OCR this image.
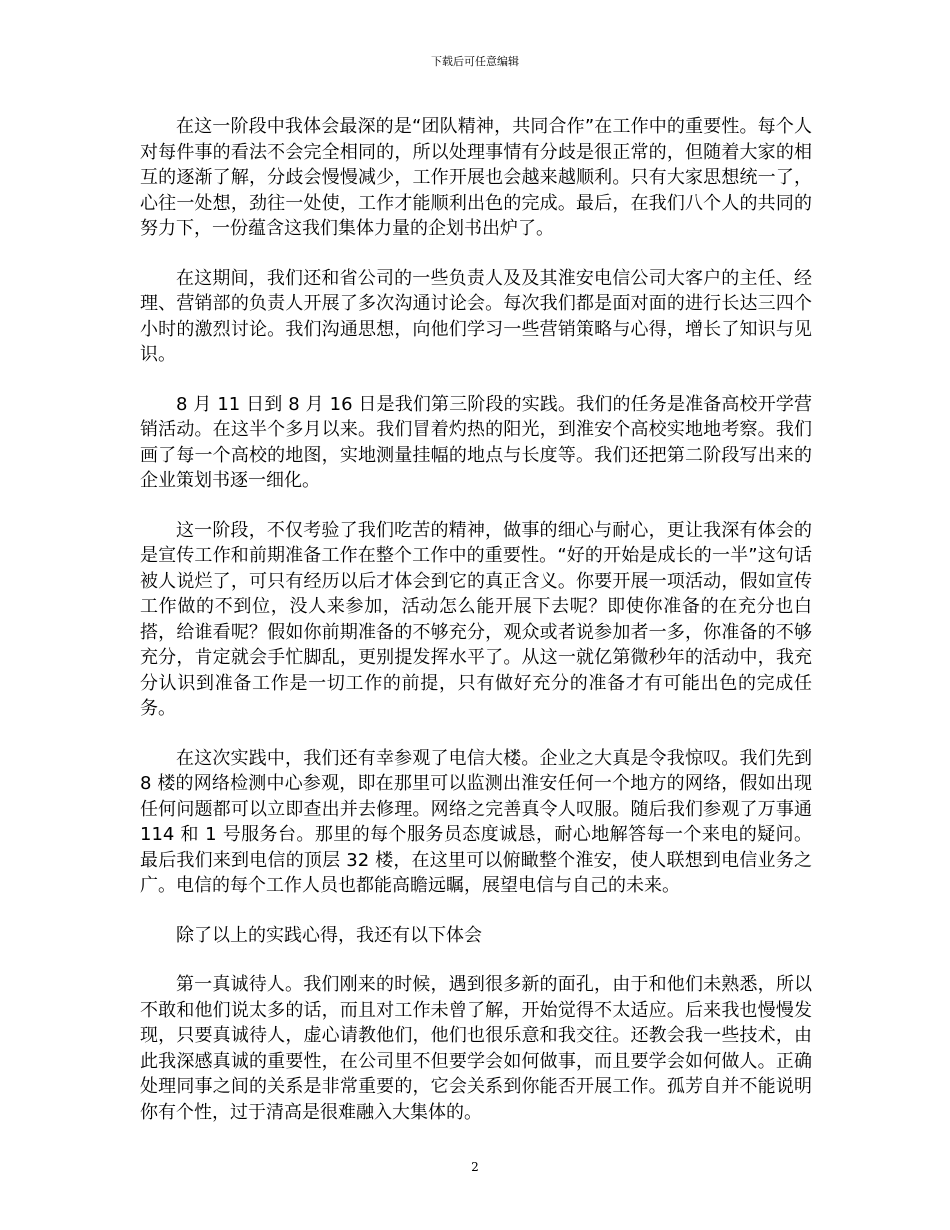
下载后可任意编辑

在这一阶段中我体会最深的是“团队精神，共同合作”在工作中的重要性。每个人对每件事的看法不会完全相同的，所以处理事情有分歧是很正常的，但随着大家的相互的逐渐了解，分歧会慢慢减少，工作开展也会越来越顺利。只有大家思想统一了，心往一处想，劲往一处使，工作才能顺利出色的完成。最后，在我们八个人的共同的努力下，一份蕴含这我们集体力量的企划书出炉了。

在这期间，我们还和省公司的一些负责人及及其淮安电信公司大客户的主任、经理、营销部的负责人开展了多次沟通讨论会。每次我们都是面对面的进行长达三四个小时的激烈讨论。我们沟通思想，向他们学习一些营销策略与心得，增长了知识与见识。

8 月 11 日到 8 月 16 日是我们第三阶段的实践。我们的任务是准备高校开学营销活动。在这半个多月以来。我们冒着灼热的阳光，到淮安个高校实地地考察。我们画了每一个高校的地图，实地测量挂幅的地点与长度等。我们还把第二阶段写出来的企业策划书逐一细化。

这一阶段，不仅考验了我们吃苦的精神，做事的细心与耐心，更让我深有体会的是宣传工作和前期准备工作在整个工作中的重要性。“好的开始是成长的一半”这句话被人说烂了，可只有经历以后才体会到它的真正含义。你要开展一项活动，假如宣传工作做的不到位，没人来参加，活动怎么能开展下去呢？即使你准备的在充分也白搭，给谁看呢？假如你前期准备的不够充分，观众或者说参加者一多，你准备的不够充分，肯定就会手忙脚乱，更别提发挥水平了。从这一就亿第微秒年的活动中，我充分认识到准备工作是一切工作的前提，只有做好充分的准备才有可能出色的完成任务。

在这次实践中，我们还有幸参观了电信大楼。企业之大真是令我惊叹。我们先到 8 楼的网络检测中心参观，即在那里可以监测出淮安任何一个地方的网络，假如出现任何问题都可以立即查出并去修理。网络之完善真令人叹服。随后我们参观了万事通 114 和 1 号服务台。那里的每个服务员态度诚恳，耐心地解答每一个来电的疑问。最后我们来到电信的顶层 32 楼，在这里可以俯瞰整个淮安，使人联想到电信业务之广。电信的每个工作人员也都能高瞻远瞩，展望电信与自己的未来。

除了以上的实践心得，我还有以下体会

第一真诚待人。我们刚来的时候，遇到很多新的面孔，由于和他们未熟悉，所以不敢和他们说太多的话，而且对工作未曾了解，开始觉得不太适应。后来我也慢慢发现，只要真诚待人，虚心请教他们，他们也很乐意和我交往。还教会我一些技术，由此我深感真诚的重要性，在公司里不但要学会如何做事，而且要学会如何做人。正确处理同事之间的关系是非常重要的，它会关系到你能否开展工作。孤芳自并不能说明你有个性，过于清高是很难融入大集体的。

2
